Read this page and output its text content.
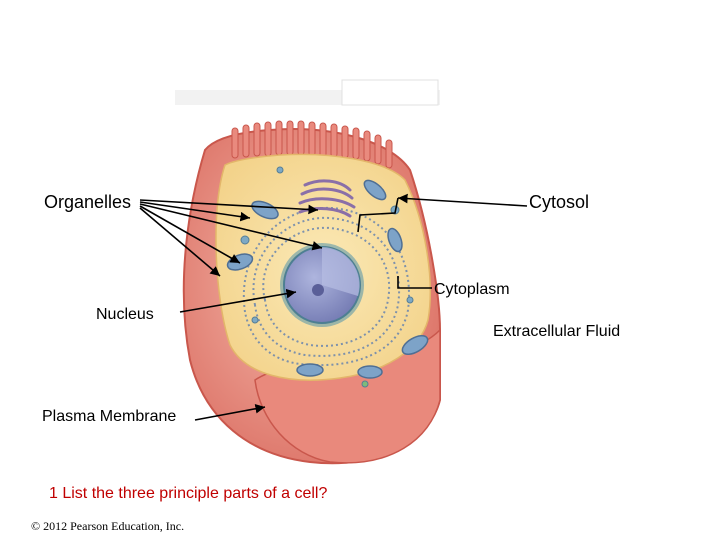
Organelles	Cytosol
Cytoplasm
Nucleus
Extracellular Fluid
Plasma Membrane
1 List the three principle parts of a cell?
© 2012 Pearson Education, Inc.
